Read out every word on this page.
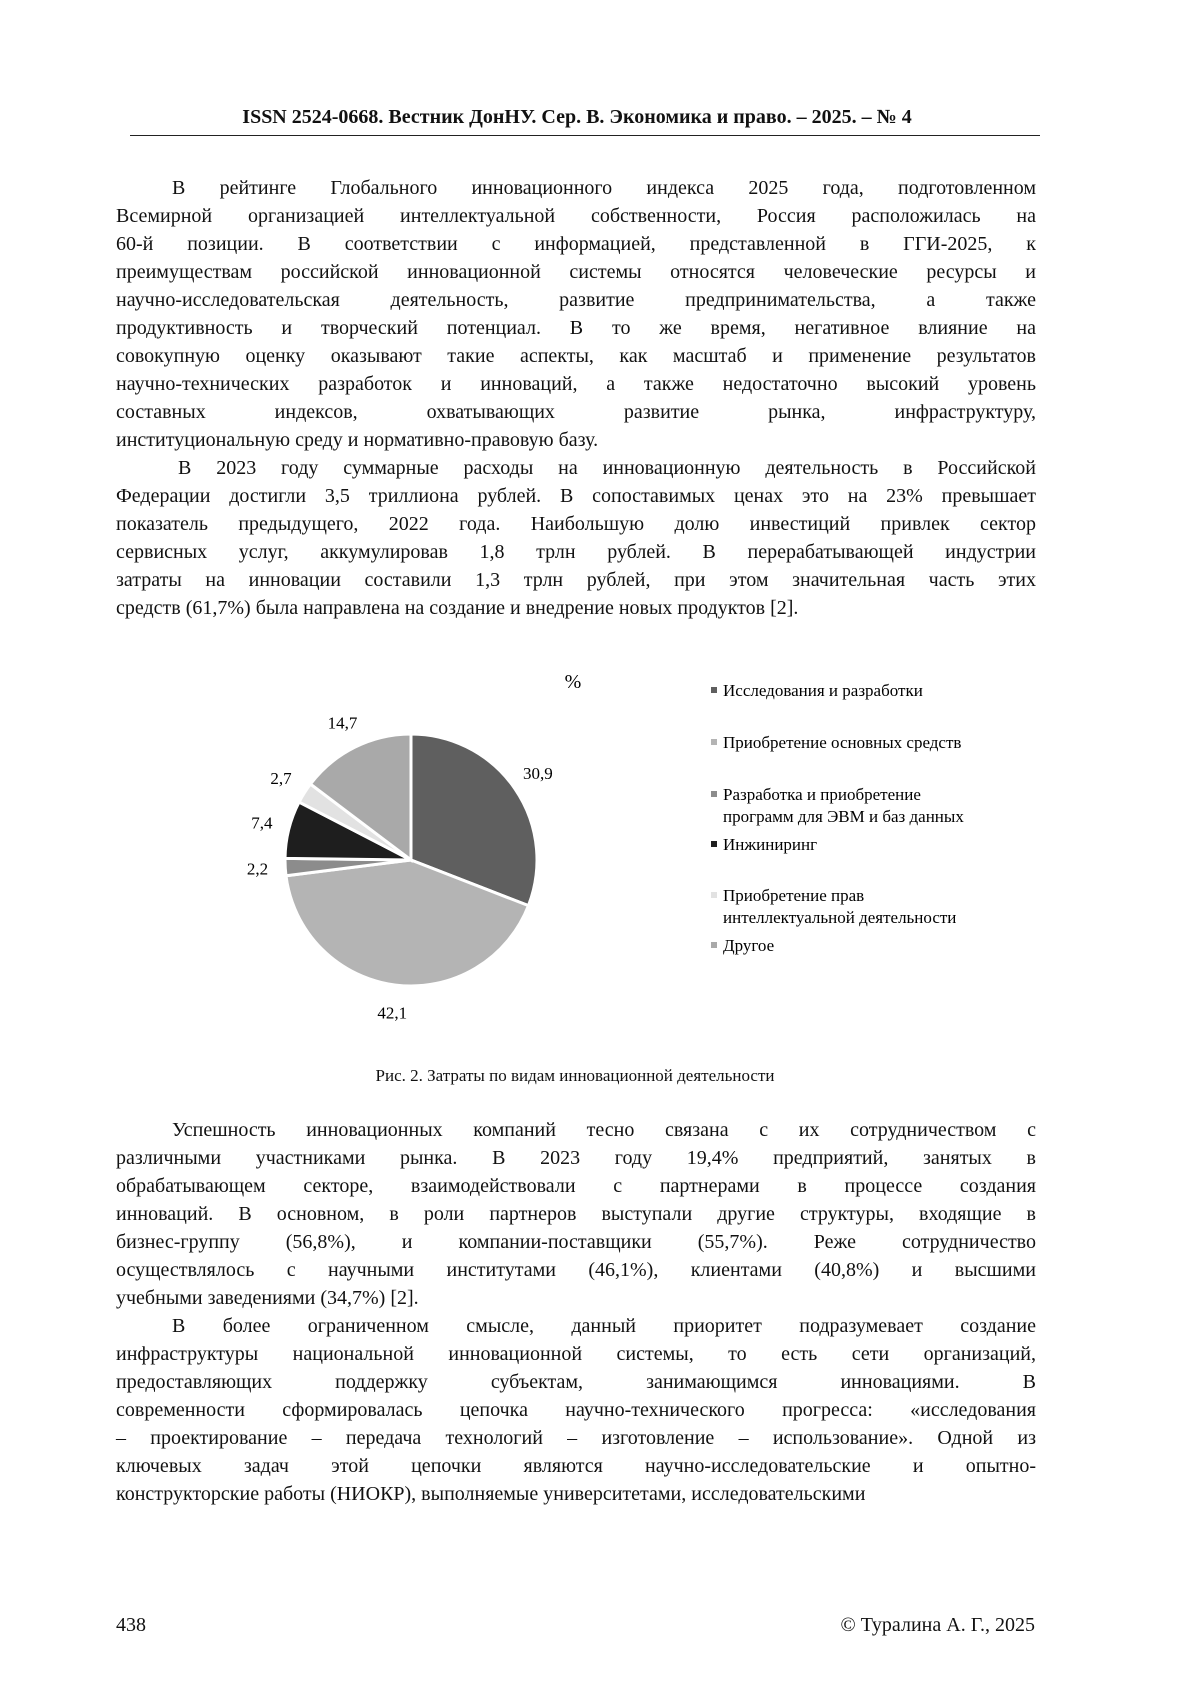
ISSN 2524-0668. Вестник ДонНУ. Сер. В. Экономика и право. – 2025. – № 4
В рейтинге Глобального инновационного индекса 2025 года, подготовленном
Всемирной организацией интеллектуальной собственности, Россия расположилась на
60-й позиции. В соответствии с информацией, представленной в ГГИ-2025, к
преимуществам российской инновационной системы относятся человеческие ресурсы и
научно-исследовательская деятельность, развитие предпринимательства, а также
продуктивность и творческий потенциал. В то же время, негативное влияние на
совокупную оценку оказывают такие аспекты, как масштаб и применение результатов
научно-технических разработок и инноваций, а также недостаточно высокий уровень
составных индексов, охватывающих развитие рынка, инфраструктуру,
институциональную среду и нормативно-правовую базу.
В 2023 году суммарные расходы на инновационную деятельность в Российской
Федерации достигли 3,5 триллиона рублей. В сопоставимых ценах это на 23% превышает
показатель предыдущего, 2022 года. Наибольшую долю инвестиций привлек сектор
сервисных услуг, аккумулировав 1,8 трлн рублей. В перерабатывающей индустрии
затраты на инновации составили 1,3 трлн рублей, при этом значительная часть этих
средств (61,7%) была направлена на создание и внедрение новых продуктов [2].
Успешность инновационных компаний тесно связана с их сотрудничеством с
различными участниками рынка. В 2023 году 19,4% предприятий, занятых в
обрабатывающем секторе, взаимодействовали с партнерами в процессе создания
инноваций. В основном, в роли партнеров выступали другие структуры, входящие в
бизнес-группу (56,8%), и компании-поставщики (55,7%). Реже сотрудничество
осуществлялось с научными институтами (46,1%), клиентами (40,8%) и высшими
учебными заведениями (34,7%) [2].
В более ограниченном смысле, данный приоритет подразумевает создание
инфраструктуры национальной инновационной системы, то есть сети организаций,
предоставляющих поддержку субъектам, занимающимся инновациями. В
современности сформировалась цепочка научно-технического прогресса: «исследования
– проектирование – передача технологий – изготовление – использование». Одной из
ключевых задач этой цепочки являются научно-исследовательские и опытно-
конструкторские работы (НИОКР), выполняемые университетами, исследовательскими
%
30,9
42,1
2,2
7,4
2,7
14,7
Исследования и разработки
Приобретение основных средств
Разработка и приобретение
программ для ЭВМ и баз данных
Инжиниринг
Приобретение прав
интеллектуальной деятельности
Другое
Рис. 2. Затраты по видам инновационной деятельности
438	© Туралина А. Г., 2025
